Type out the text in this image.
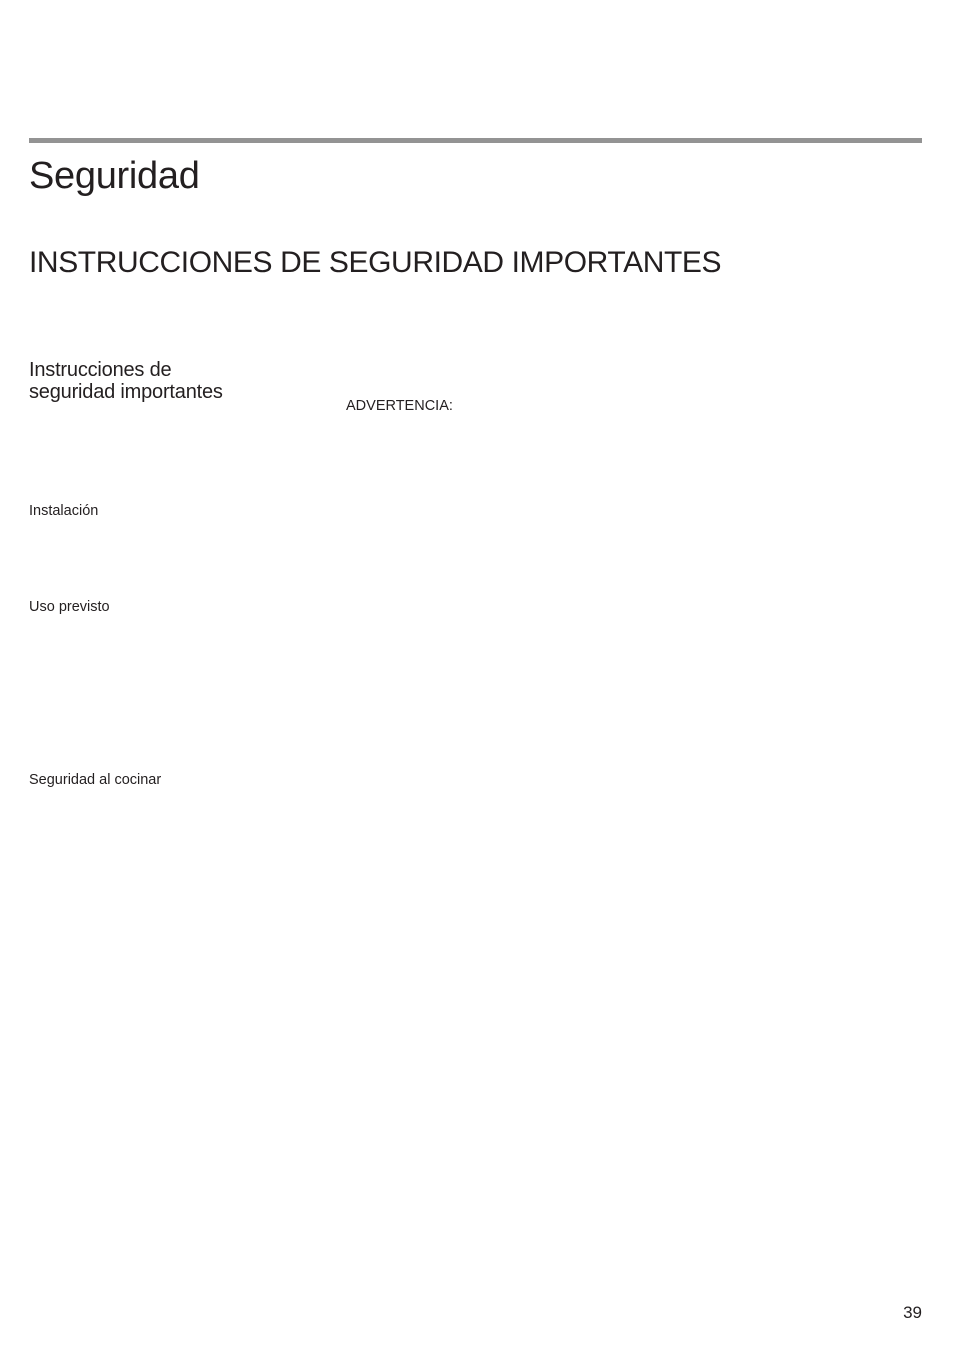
Seguridad
INSTRUCCIONES DE SEGURIDAD IMPORTANTES
Instrucciones de
seguridad importantes
ADVERTENCIA:
Instalación
Uso previsto
Seguridad al cocinar
39
